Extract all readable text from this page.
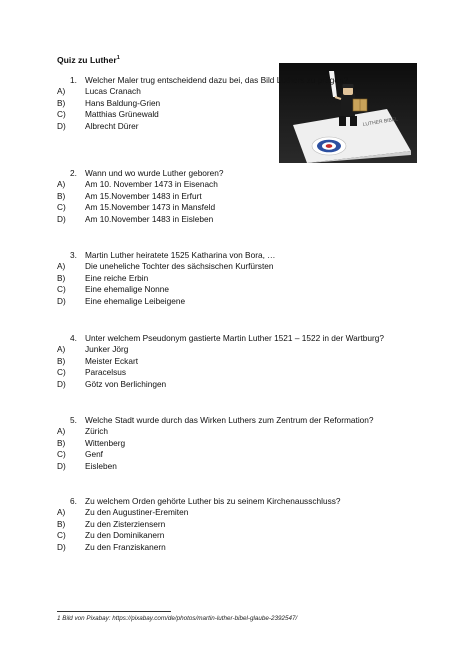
Quiz zu Luther$^1$
LUTHER BIBEL
1. Welcher Maler trug entscheidend dazu bei, das Bild Luthers zu prägen?
A)	Lucas Cranach
B)	Hans Baldung-Grien
C)	Matthias Grünewald
D)	Albrecht Dürer
2. Wann und wo wurde Luther geboren?
A)	Am 10. November 1473 in Eisenach
B)	Am 15.November 1483 in Erfurt
C)	Am 15.November 1473 in Mansfeld
D)	Am 10.November 1483 in Eisleben
3. Martin Luther heiratete 1525 Katharina von Bora, …
A)	Die uneheliche Tochter des sächsischen Kurfürsten
B)	Eine reiche Erbin
C)	Eine ehemalige Nonne
D)	Eine ehemalige Leibeigene
4. Unter welchem Pseudonym gastierte Martin Luther 1521 – 1522 in der Wartburg?
A)	Junker Jörg
B)	Meister Eckart
C)	Paracelsus
D)	Götz von Berlichingen
5. Welche Stadt wurde durch das Wirken Luthers zum Zentrum der Reformation?
A)	Zürich
B)	Wittenberg
C)	Genf
D)	Eisleben
6. Zu welchem Orden gehörte Luther bis zu seinem Kirchenausschluss?
A)	Zu den Augustiner-Eremiten
B)	Zu den Zisterziensern
C)	Zu den Dominikanern
D)	Zu den Franziskanern
1 Bild von Pixabay: https://pixabay.com/de/photos/martin-luther-bibel-glaube-2392547/
